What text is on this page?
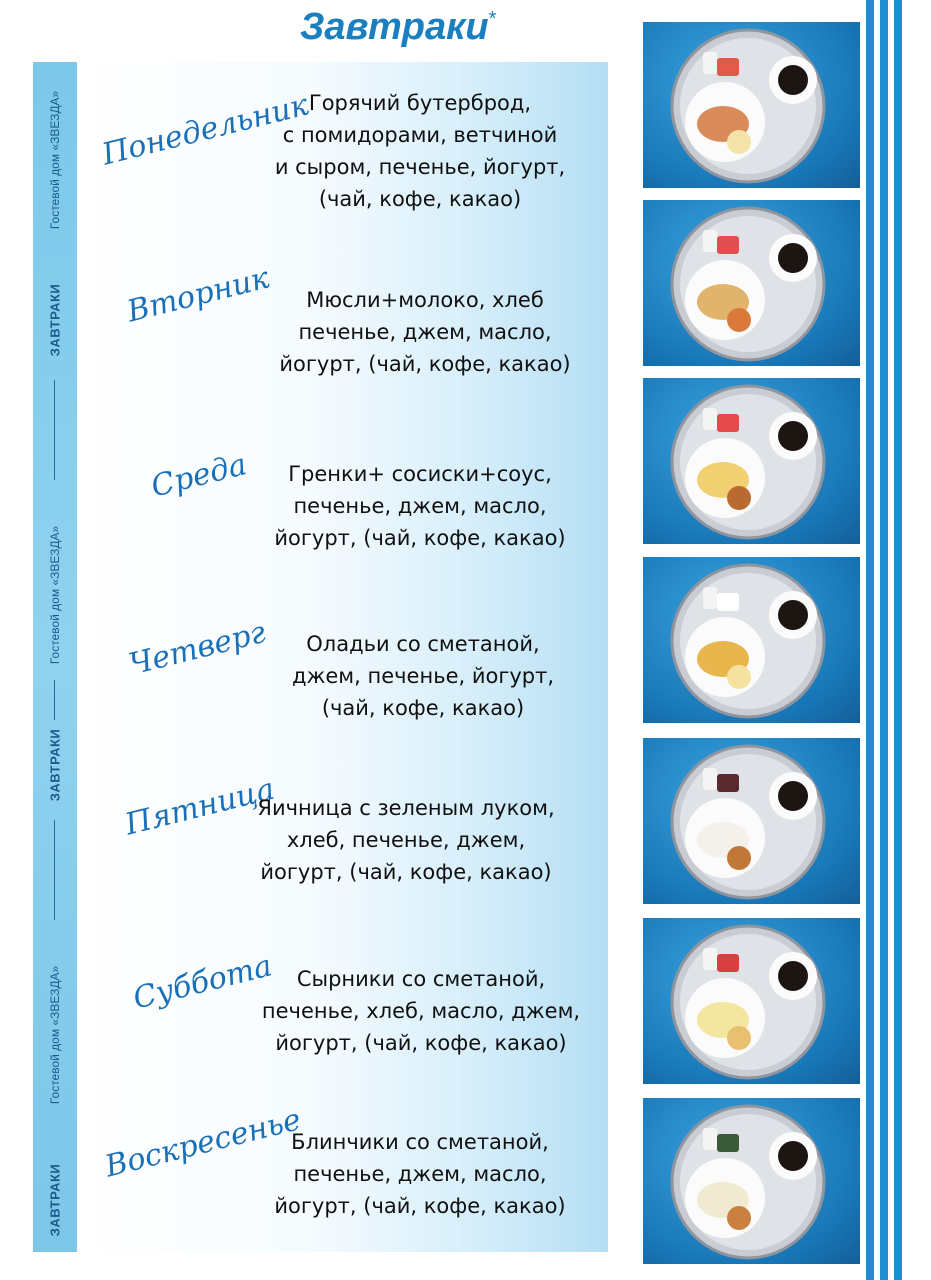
Гостевой дом «ЗВЕЗДА»
ЗАВТРАКИ
Гостевой дом «ЗВЕЗДА»
ЗАВТРАКИ
Гостевой дом «ЗВЕЗДА»
ЗАВТРАКИ
Завтраки*
Понедельник
Вторник
Среда
Четверг
Пятница
Суббота
Воскресенье
Горячий бутерброд,
с помидорами, ветчиной
и сыром, печенье, йогурт,
(чай, кофе, какао)
Мюсли+молоко, хлеб
печенье, джем, масло,
йогурт, (чай, кофе, какао)
Гренки+ сосиски+соус,
печенье, джем, масло,
йогурт, (чай, кофе, какао)
Оладьи со сметаной,
джем, печенье, йогурт,
(чай, кофе, какао)
Яичница с зеленым луком,
хлеб, печенье, джем,
йогурт, (чай, кофе, какао)
Сырники со сметаной,
печенье, хлеб, масло, джем,
йогурт, (чай, кофе, какао)
Блинчики со сметаной,
печенье, джем, масло,
йогурт, (чай, кофе, какао)
